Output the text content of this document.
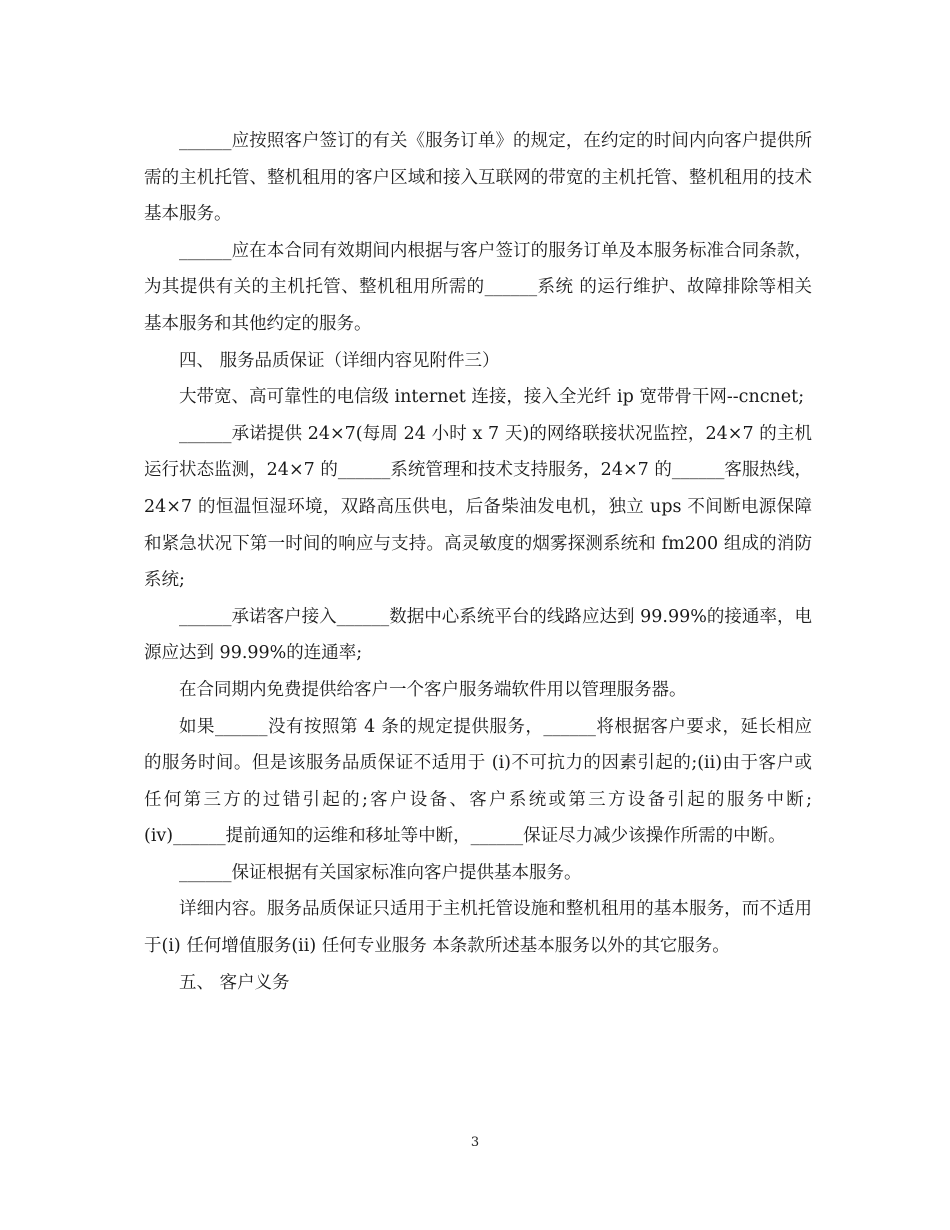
______应按照客户签订的有关《服务订单》的规定，在约定的时间内向客户提供所需的主机托管、整机租用的客户区域和接入互联网的带宽的主机托管、整机租用的技术基本服务。

______应在本合同有效期间内根据与客户签订的服务订单及本服务标准合同条款，为其提供有关的主机托管、整机租用所需的______系统 的运行维护、故障排除等相关基本服务和其他约定的服务。

四、 服务品质保证（详细内容见附件三）

大带宽、高可靠性的电信级 internet 连接，接入全光纤 ip 宽带骨干网--cncnet;

______承诺提供 24×7(每周 24 小时 x 7 天)的网络联接状况监控，24×7 的主机运行状态监测，24×7 的______系统管理和技术支持服务，24×7 的______客服热线，24×7 的恒温恒湿环境，双路高压供电，后备柴油发电机，独立 ups 不间断电源保障和紧急状况下第一时间的响应与支持。高灵敏度的烟雾探测系统和 fm200 组成的消防系统;

______承诺客户接入______数据中心系统平台的线路应达到 99.99%的接通率，电源应达到 99.99%的连通率;

在合同期内免费提供给客户一个客户服务端软件用以管理服务器。

如果______没有按照第 4 条的规定提供服务，______将根据客户要求，延长相应的服务时间。但是该服务品质保证不适用于 (i)不可抗力的因素引起的;(ii)由于客户或任何第三方的过错引起的;客户设备、客户系统或第三方设备引起的服务中断; (iv)______提前通知的运维和移址等中断，______保证尽力减少该操作所需的中断。

______保证根据有关国家标准向客户提供基本服务。

详细内容。服务品质保证只适用于主机托管设施和整机租用的基本服务，而不适用于(i) 任何增值服务(ii) 任何专业服务 本条款所述基本服务以外的其它服务。

五、 客户义务

3
